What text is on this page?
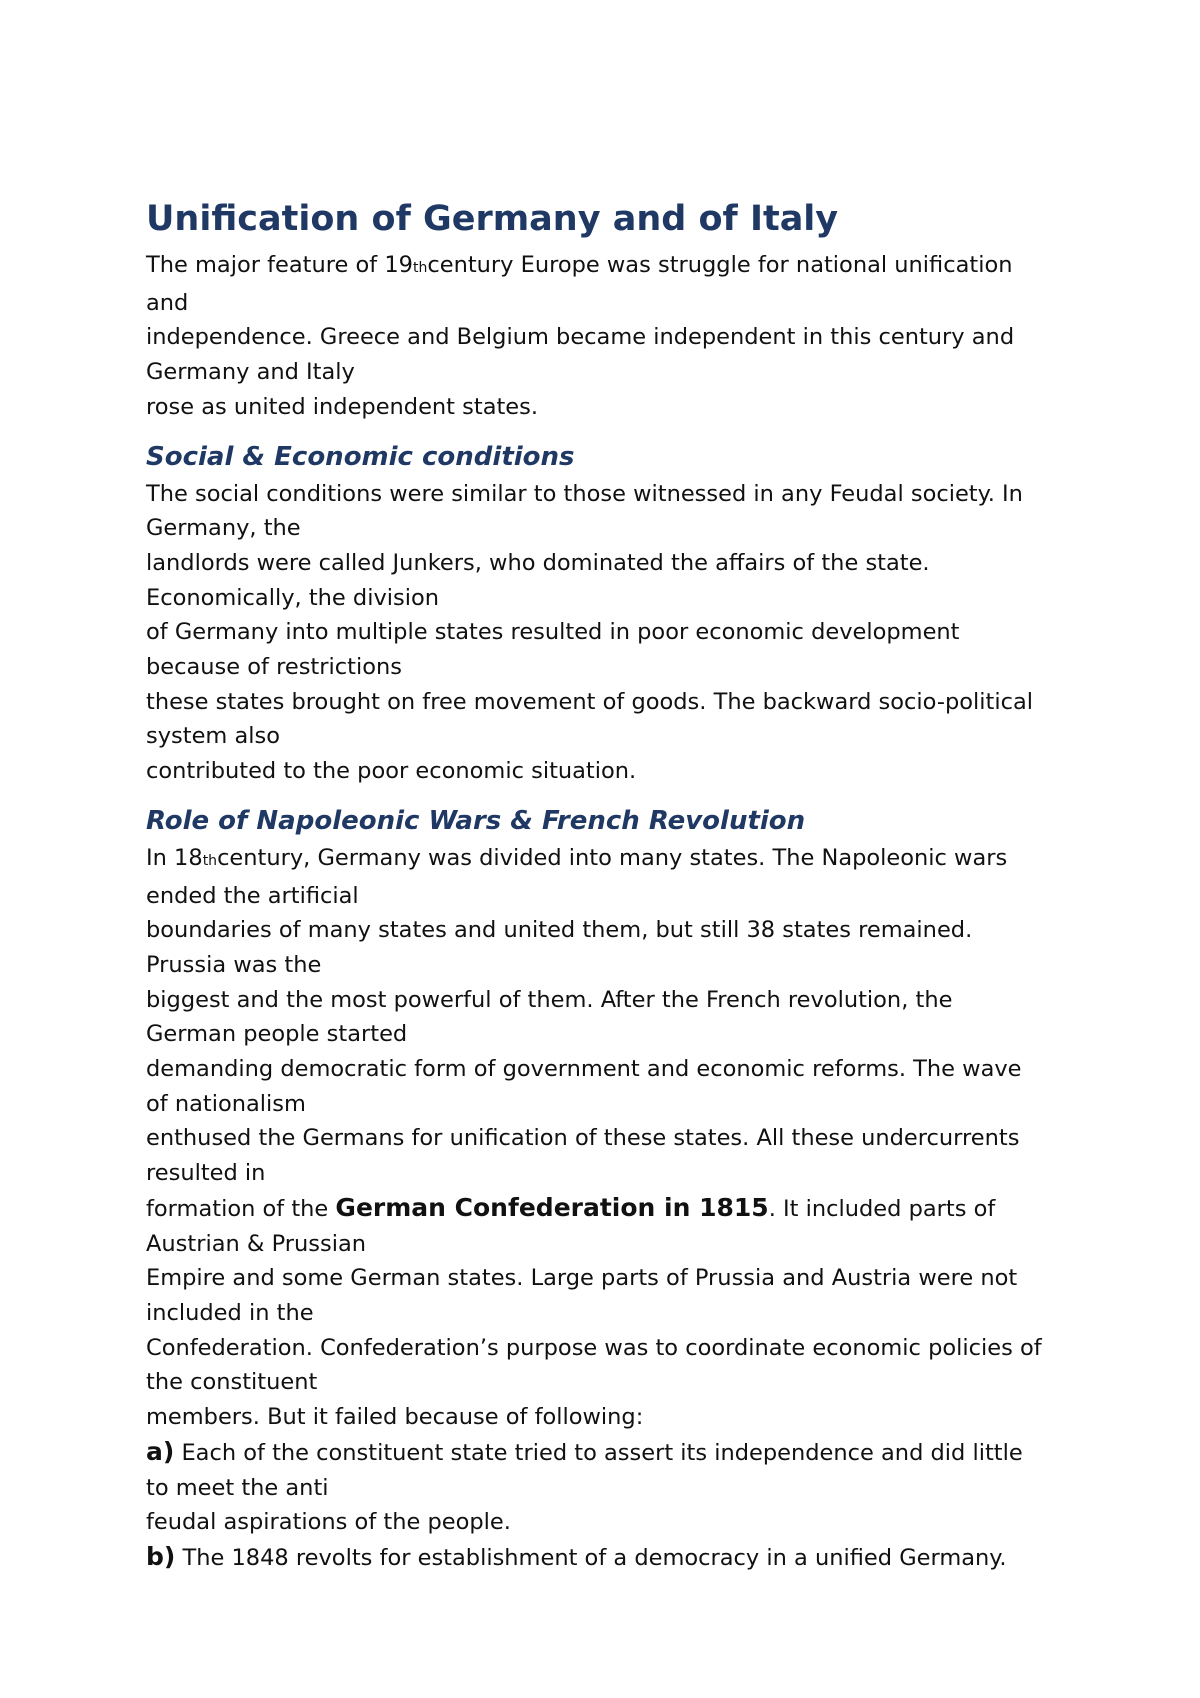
Unification of Germany and of Italy
The major feature of 19thcentury Europe was struggle for national unification
and
independence. Greece and Belgium became independent in this century and
Germany and Italy
rose as united independent states.
Social & Economic conditions
The social conditions were similar to those witnessed in any Feudal society. In
Germany, the
landlords were called Junkers, who dominated the affairs of the state.
Economically, the division
of Germany into multiple states resulted in poor economic development
because of restrictions
these states brought on free movement of goods. The backward socio-political
system also
contributed to the poor economic situation.
Role of Napoleonic Wars & French Revolution
In 18thcentury, Germany was divided into many states. The Napoleonic wars
ended the artificial
boundaries of many states and united them, but still 38 states remained.
Prussia was the
biggest and the most powerful of them. After the French revolution, the
German people started
demanding democratic form of government and economic reforms. The wave
of nationalism
enthused the Germans for unification of these states. All these undercurrents
resulted in
formation of the German Confederation in 1815. It included parts of
Austrian & Prussian
Empire and some German states. Large parts of Prussia and Austria were not
included in the
Confederation. Confederation’s purpose was to coordinate economic policies of
the constituent
members. But it failed because of following:
a) Each of the constituent state tried to assert its independence and did little
to meet the anti
feudal aspirations of the people.
b) The 1848 revolts for establishment of a democracy in a unified Germany.
